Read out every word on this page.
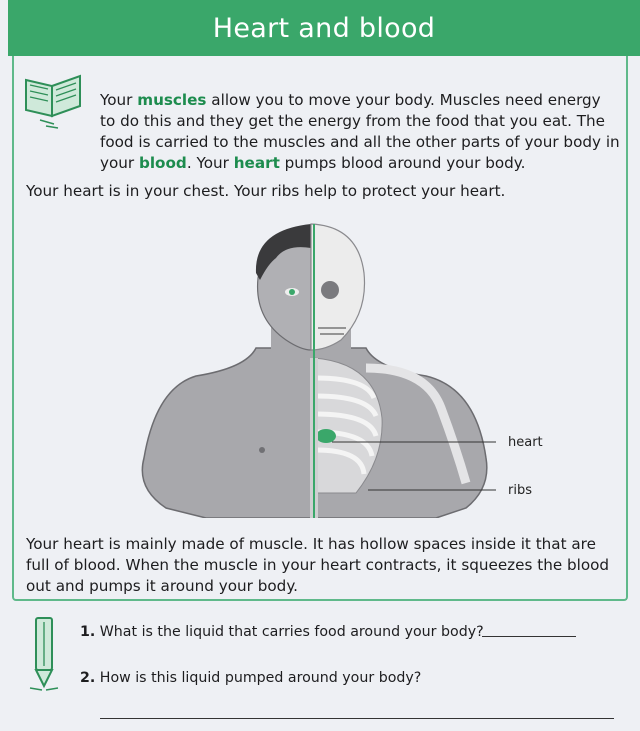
Heart and blood
Your muscles allow you to move your body. Muscles need energy to do this and they get the energy from the food that you eat. The food is carried to the muscles and all the other parts of your body in your blood. Your heart pumps blood around your body.
Your heart is in your chest. Your ribs help to protect your heart.
heart
ribs
Your heart is mainly made of muscle. It has hollow spaces inside it that are full of blood. When the muscle in your heart contracts, it squeezes the blood out and pumps it around your body.
1. What is the liquid that carries food around your body?
2. How is this liquid pumped around your body?
